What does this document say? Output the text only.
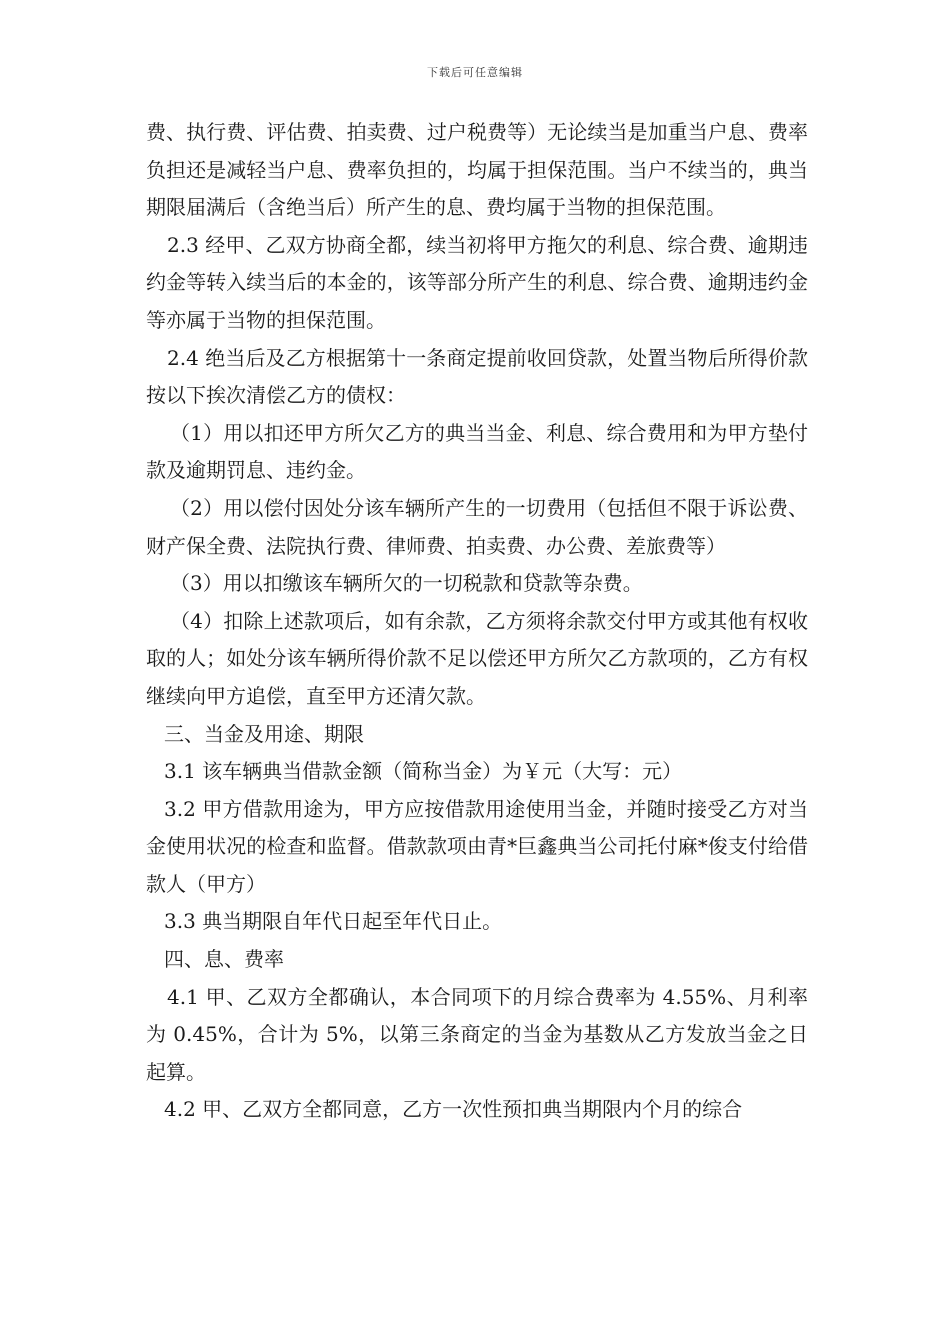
下载后可任意编辑

费、执行费、评估费、拍卖费、过户税费等）无论续当是加重当户息、费率负担还是减轻当户息、费率负担的，均属于担保范围。当户不续当的，典当期限届满后（含绝当后）所产生的息、费均属于当物的担保范围。

2.3 经甲、乙双方协商全都，续当初将甲方拖欠的利息、综合费、逾期违约金等转入续当后的本金的，该等部分所产生的利息、综合费、逾期违约金等亦属于当物的担保范围。

2.4 绝当后及乙方根据第十一条商定提前收回贷款，处置当物后所得价款按以下挨次清偿乙方的债权：

（1）用以扣还甲方所欠乙方的典当当金、利息、综合费用和为甲方垫付款及逾期罚息、违约金。

（2）用以偿付因处分该车辆所产生的一切费用（包括但不限于诉讼费、财产保全费、法院执行费、律师费、拍卖费、办公费、差旅费等）

（3）用以扣缴该车辆所欠的一切税款和贷款等杂费。

（4）扣除上述款项后，如有余款，乙方须将余款交付甲方或其他有权收取的人；如处分该车辆所得价款不足以偿还甲方所欠乙方款项的，乙方有权继续向甲方追偿，直至甲方还清欠款。

三、当金及用途、期限

3.1 该车辆典当借款金额（简称当金）为￥元（大写：元）

3.2 甲方借款用途为，甲方应按借款用途使用当金，并随时接受乙方对当金使用状况的检查和监督。借款款项由青*巨鑫典当公司托付麻*俊支付给借款人（甲方）

3.3 典当期限自年代日起至年代日止。

四、息、费率

4.1 甲、乙双方全都确认，本合同项下的月综合费率为 4.55%、月利率为 0.45%，合计为 5%，以第三条商定的当金为基数从乙方发放当金之日起算。

4.2 甲、乙双方全都同意，乙方一次性预扣典当期限内个月的综合
